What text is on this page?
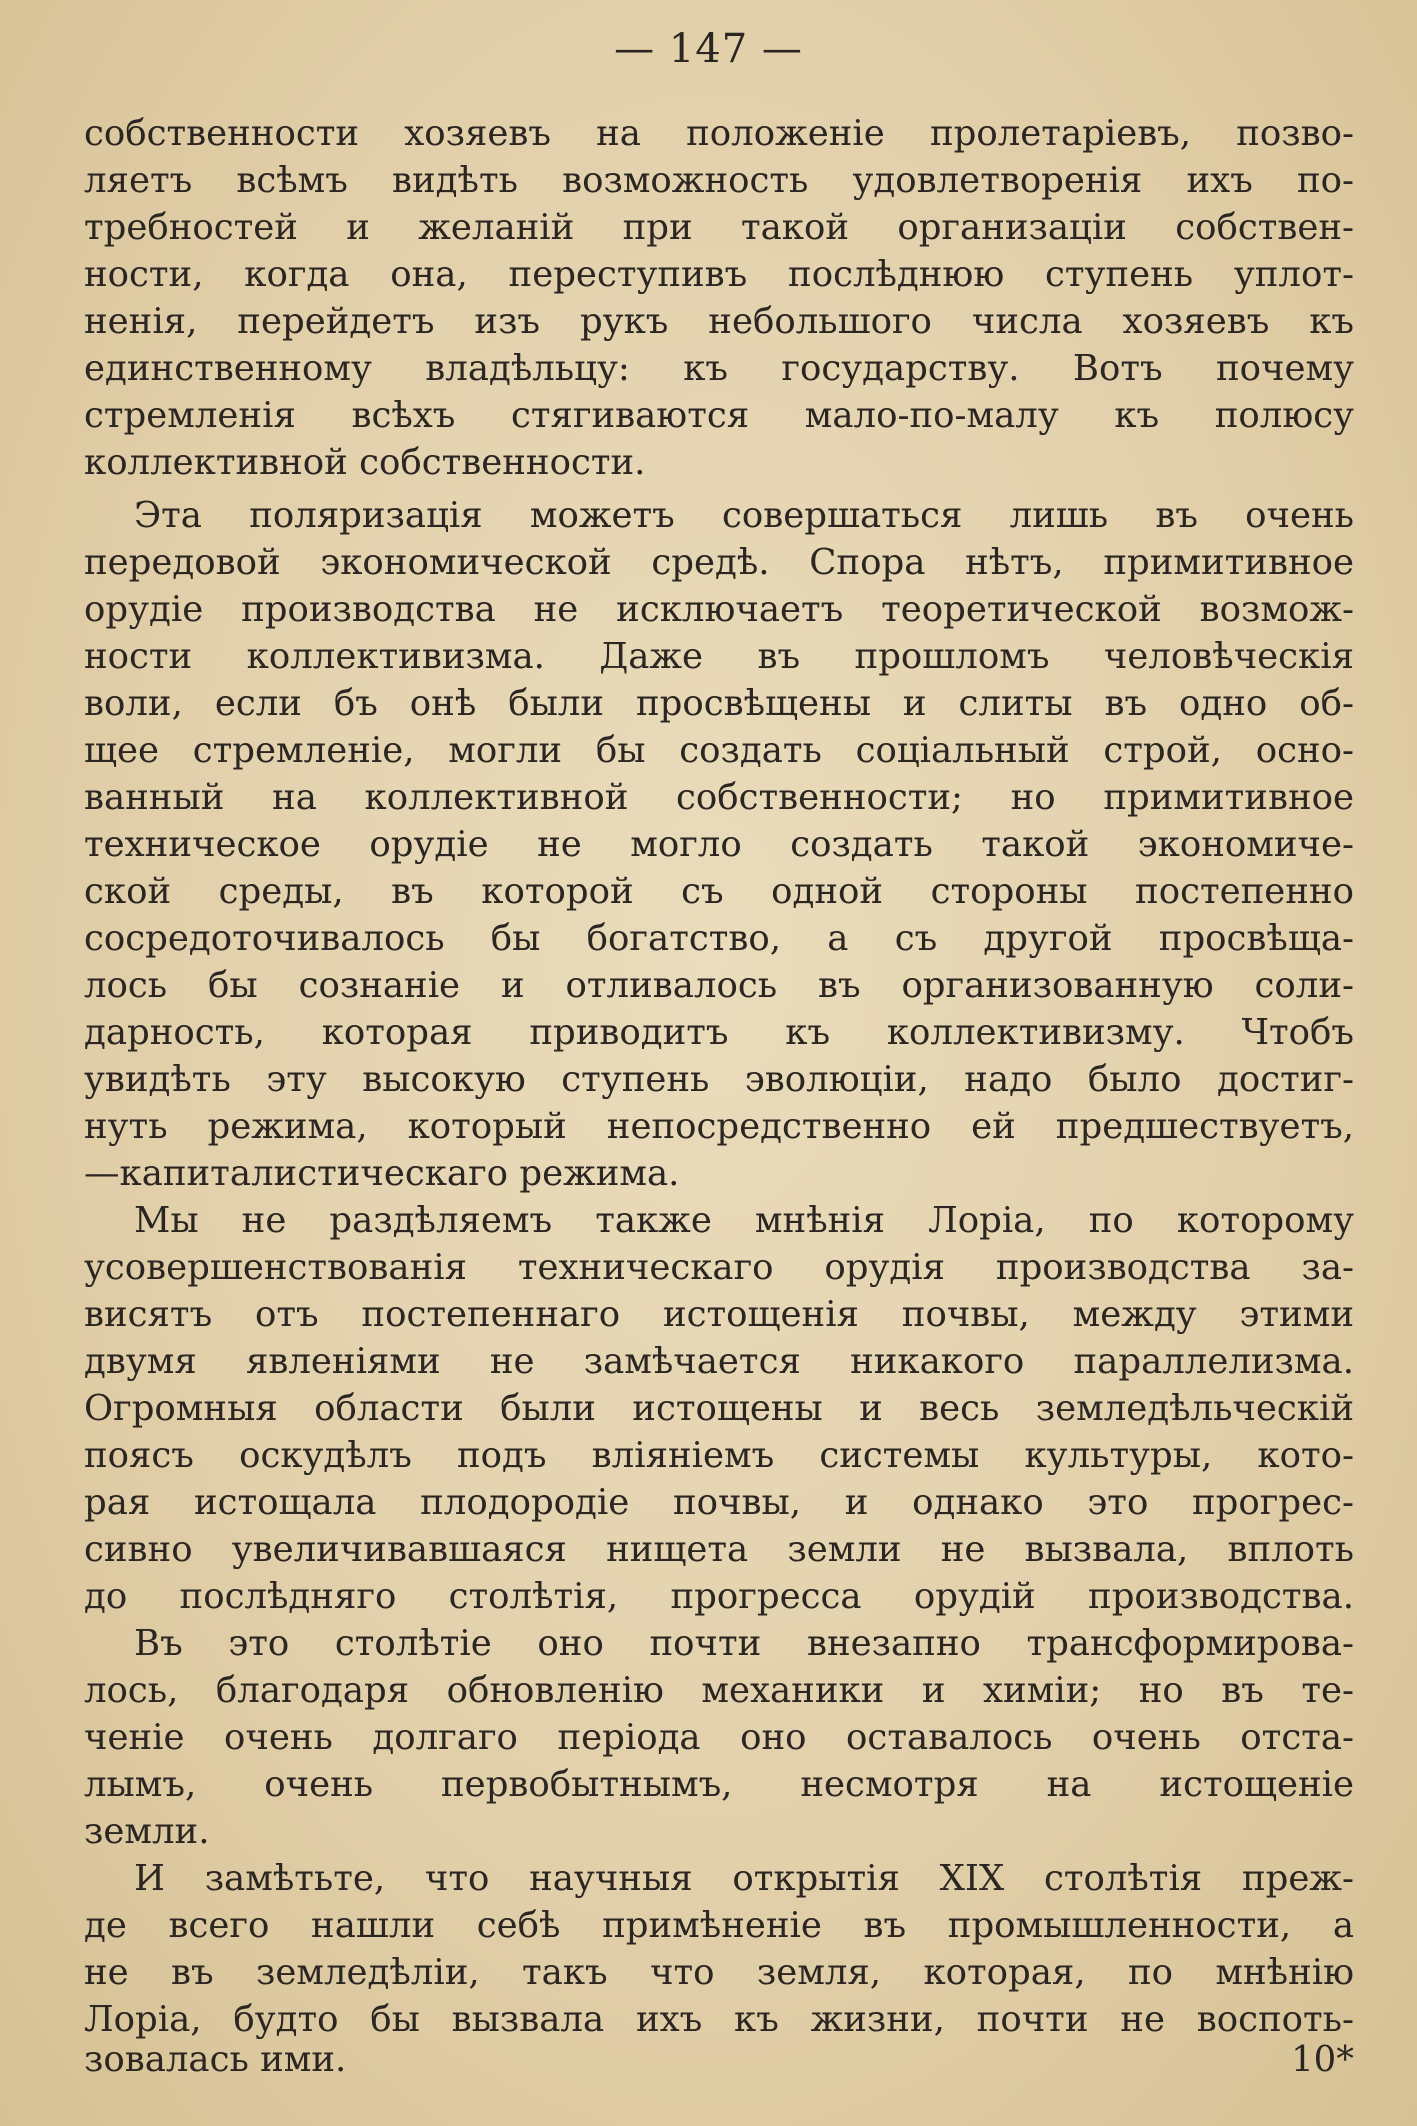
— 147 —
собственности хозяевъ на положеніе пролетаріевъ, позво-
ляетъ всѣмъ видѣть возможность удовлетворенія ихъ по-
требностей и желаній при такой организаціи собствен-
ности, когда она, переступивъ послѣднюю ступень уплот-
ненія, перейдетъ изъ рукъ небольшого числа хозяевъ къ
единственному владѣльцу: къ государству. Вотъ почему
стремленія всѣхъ стягиваются мало-по-малу къ полюсу
коллективной собственности.
Эта поляризація можетъ совершаться лишь въ очень
передовой экономической средѣ. Спора нѣтъ, примитивное
орудіе производства не исключаетъ теоретической возмож-
ности коллективизма. Даже въ прошломъ человѣческія
воли, если бъ онѣ были просвѣщены и слиты въ одно об-
щее стремленіе, могли бы создать соціальный строй, осно-
ванный на коллективной собственности; но примитивное
техническое орудіе не могло создать такой экономиче-
ской среды, въ которой съ одной стороны постепенно
сосредоточивалось бы богатство, а съ другой просвѣща-
лось бы сознаніе и отливалось въ организованную соли-
дарность, которая приводитъ къ коллективизму. Чтобъ
увидѣть эту высокую ступень эволюціи, надо было достиг-
нуть режима, который непосредственно ей предшествуетъ,
—капиталистическаго режима.
Мы не раздѣляемъ также мнѣнія Лоріа, по которому
усовершенствованія техническаго орудія производства за-
висятъ отъ постепеннаго истощенія почвы, между этими
двумя явленіями не замѣчается никакого параллелизма.
Огромныя области были истощены и весь земледѣльческій
поясъ оскудѣлъ подъ вліяніемъ системы культуры, кото-
рая истощала плодородіе почвы, и однако это прогрес-
сивно увеличивавшаяся нищета земли не вызвала, вплоть
до послѣдняго столѣтія, прогресса орудій производства.
Въ это столѣтіе оно почти внезапно трансформирова-
лось, благодаря обновленію механики и химіи; но въ те-
ченіе очень долгаго періода оно оставалось очень отста-
лымъ, очень первобытнымъ, несмотря на истощеніе
земли.
И замѣтьте, что научныя открытія XIX столѣтія преж-
де всего нашли себѣ примѣненіе въ промышленности, а
не въ земледѣліи, такъ что земля, которая, по мнѣнію
Лоріа, будто бы вызвала ихъ къ жизни, почти не воспоть-
зовалась ими.	10*
